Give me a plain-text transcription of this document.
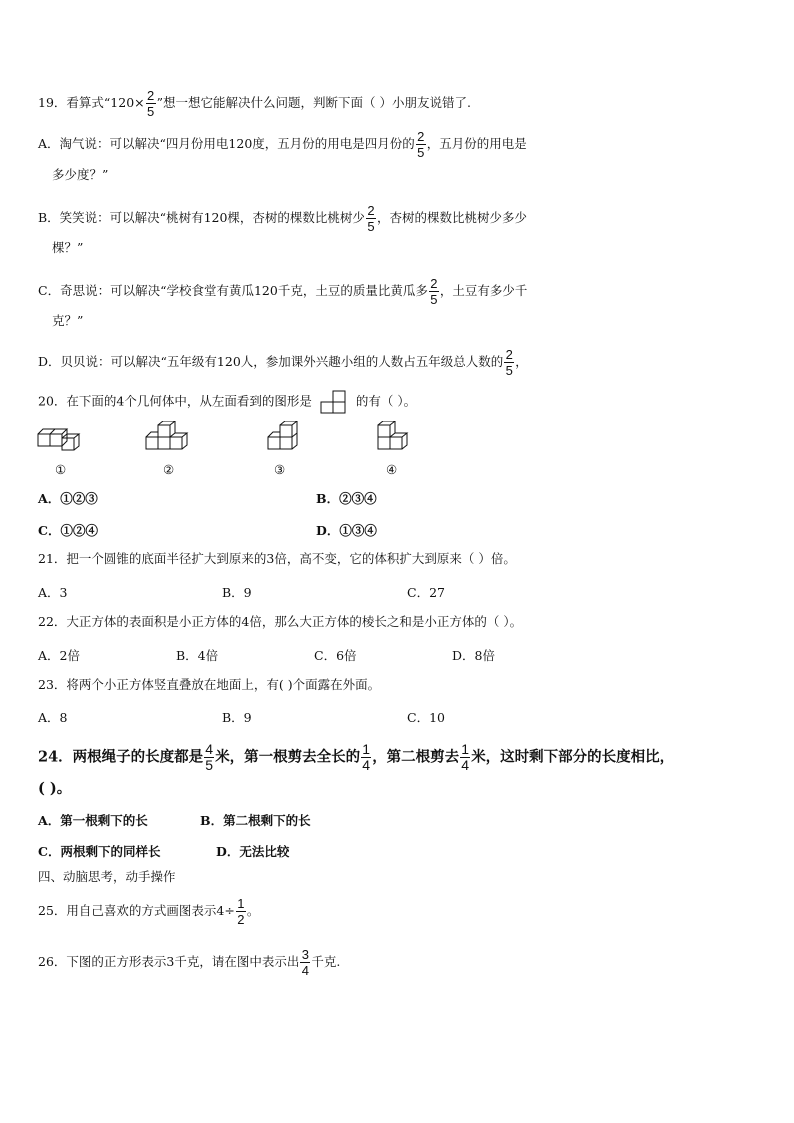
19．看算式“$120\times \frac{2}{5}$ ”想一想它能解决什么问题，判断下面（ ）小朋友说错了.
A．淘气说：可以解决“四月份用电120度，五月份的用电是四月份的 $\frac{2}{5}$ ，五月份的用电是
多少度？”
B．笑笑说：可以解决“桃树有120棵，杏树的棵数比桃树少 $\frac{2}{5}$ ，杏树的棵数比桃树少多少
棵？”
C．奇思说：可以解决“学校食堂有黄瓜120千克，土豆的质量比黄瓜多 $\frac{2}{5}$ ，土豆有多少千
克？”
D．贝贝说：可以解决“五年级有120人，参加课外兴趣小组的人数占五年级总人数的 $\frac{2}{5}$ ，
20．在下面的4个几何体中，从左面看到的图形是	的有（ ）。
①	②	③	④
A．①②③	B．②③④
C．①②④	D．①③④
21．把一个圆锥的底面半径扩大到原来的3倍，高不变，它的体积扩大到原来（ ）倍。
A．3	B．9	C．27
22．大正方体的表面积是小正方体的4倍，那么大正方体的棱长之和是小正方体的（ ）。
A．2倍	B．4倍	C．6倍	D．8倍
23．将两个小正方体竖直叠放在地面上，有( )个面露在外面。
A．8	B．9	C．10
24．两根绳子的长度都是 $\frac{4}{5}$ 米，第一根剪去全长的 $\frac{1}{4}$ ，第二根剪去 $\frac{1}{4}$ 米，这时剩下部分的长度相比，
( )。
A．第一根剩下的长	B．第二根剩下的长
C．两根剩下的同样长	D．无法比较
四、动脑思考，动手操作
25．用自己喜欢的方式画图表示$4\div \frac{1}{2}$ 。
26．下图的正方形表示3千克，请在图中表示出 $\frac{3}{4}$ 千克.
